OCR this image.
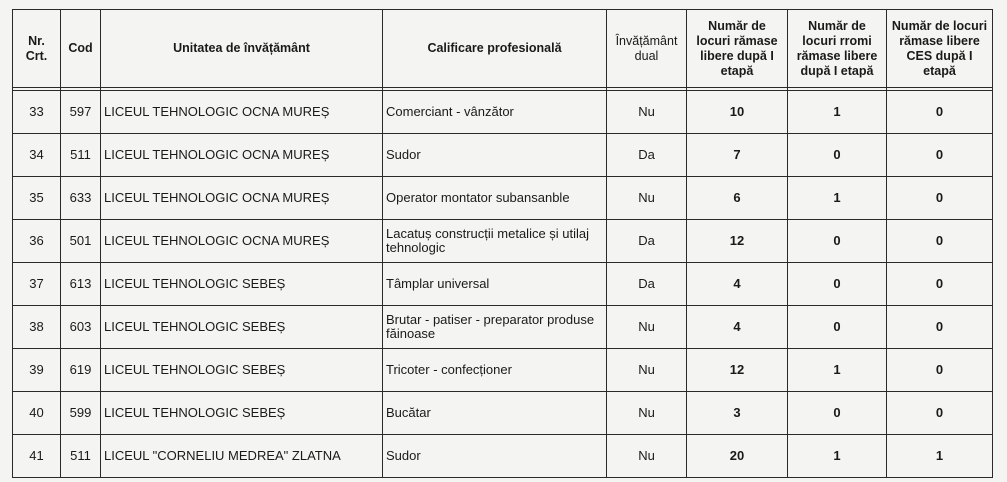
Nr. Crt.	Cod	Unitatea de învățământ	Calificare profesională	Învățământ dual	Număr de locuri rămase libere după I etapă	Număr de locuri rromi rămase libere după I etapă	Număr de locuri rămase libere CES după I etapă

33	597	LICEUL TEHNOLOGIC OCNA MUREȘ	Comerciant - vânzător	Nu	10	1	0
34	511	LICEUL TEHNOLOGIC OCNA MUREȘ	Sudor	Da	7	0	0
35	633	LICEUL TEHNOLOGIC OCNA MUREȘ	Operator montator subansanble	Nu	6	1	0
36	501	LICEUL TEHNOLOGIC OCNA MUREȘ	Lacatuș construcții metalice și utilaj tehnologic	Da	12	0	0
37	613	LICEUL TEHNOLOGIC SEBEȘ	Tâmplar universal	Da	4	0	0
38	603	LICEUL TEHNOLOGIC SEBEȘ	Brutar - patiser - preparator produse făinoase	Nu	4	0	0
39	619	LICEUL TEHNOLOGIC SEBEȘ	Tricoter - confecționer	Nu	12	1	0
40	599	LICEUL TEHNOLOGIC SEBEȘ	Bucătar	Nu	3	0	0
41	511	LICEUL "CORNELIU MEDREA" ZLATNA	Sudor	Nu	20	1	1
